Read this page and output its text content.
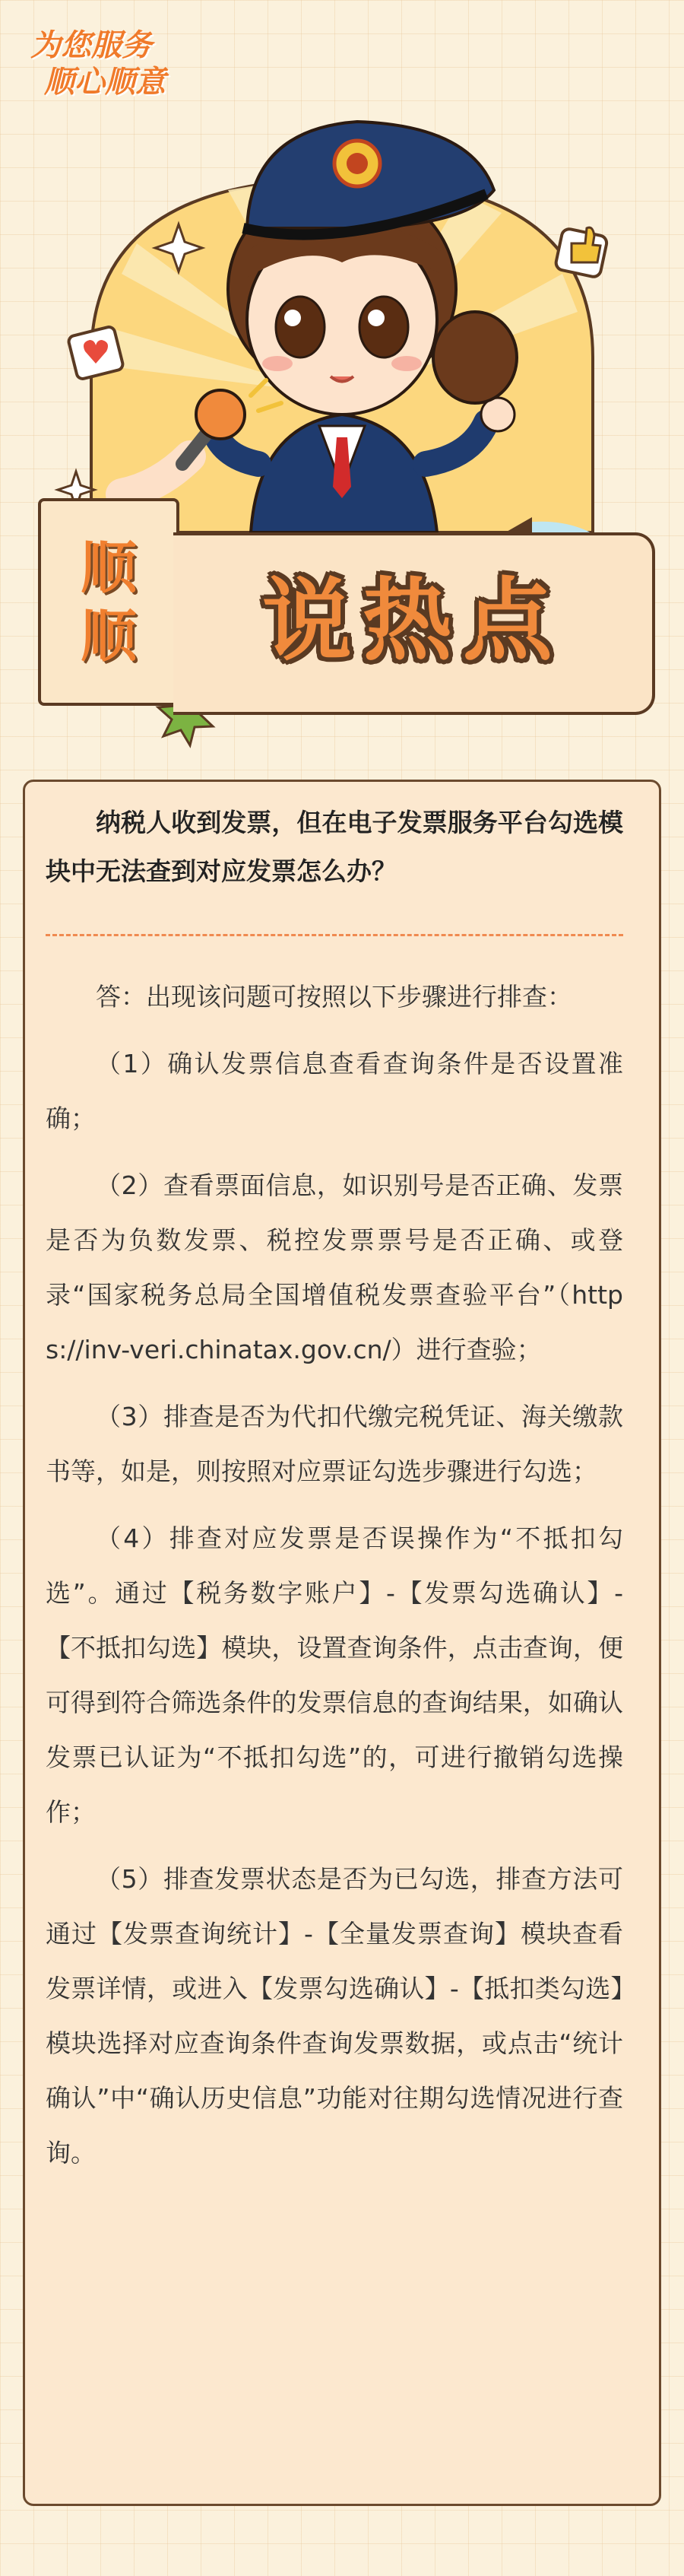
为您服务
顺心顺意
顺
顺	说热点
纳税人收到发票，但在电子发票服务平台勾选模块中无法查到对应发票怎么办？

答：出现该问题可按照以下步骤进行排查：

（1）确认发票信息查看查询条件是否设置准确；

（2）查看票面信息，如识别号是否正确、发票是否为负数发票、税控发票票号是否正确、或登录“国家税务总局全国增值税发票查验平台”（https://inv-veri.chinatax.gov.cn/）进行查验；

（3）排查是否为代扣代缴完税凭证、海关缴款书等，如是，则按照对应票证勾选步骤进行勾选；

（4）排查对应发票是否误操作为“不抵扣勾选”。通过【税务数字账户】-【发票勾选确认】-【不抵扣勾选】模块，设置查询条件，点击查询，便可得到符合筛选条件的发票信息的查询结果，如确认发票已认证为“不抵扣勾选”的，可进行撤销勾选操作；

（5）排查发票状态是否为已勾选，排查方法可通过【发票查询统计】-【全量发票查询】模块查看发票详情，或进入【发票勾选确认】-【抵扣类勾选】模块选择对应查询条件查询发票数据，或点击“统计确认”中“确认历史信息”功能对往期勾选情况进行查询。
